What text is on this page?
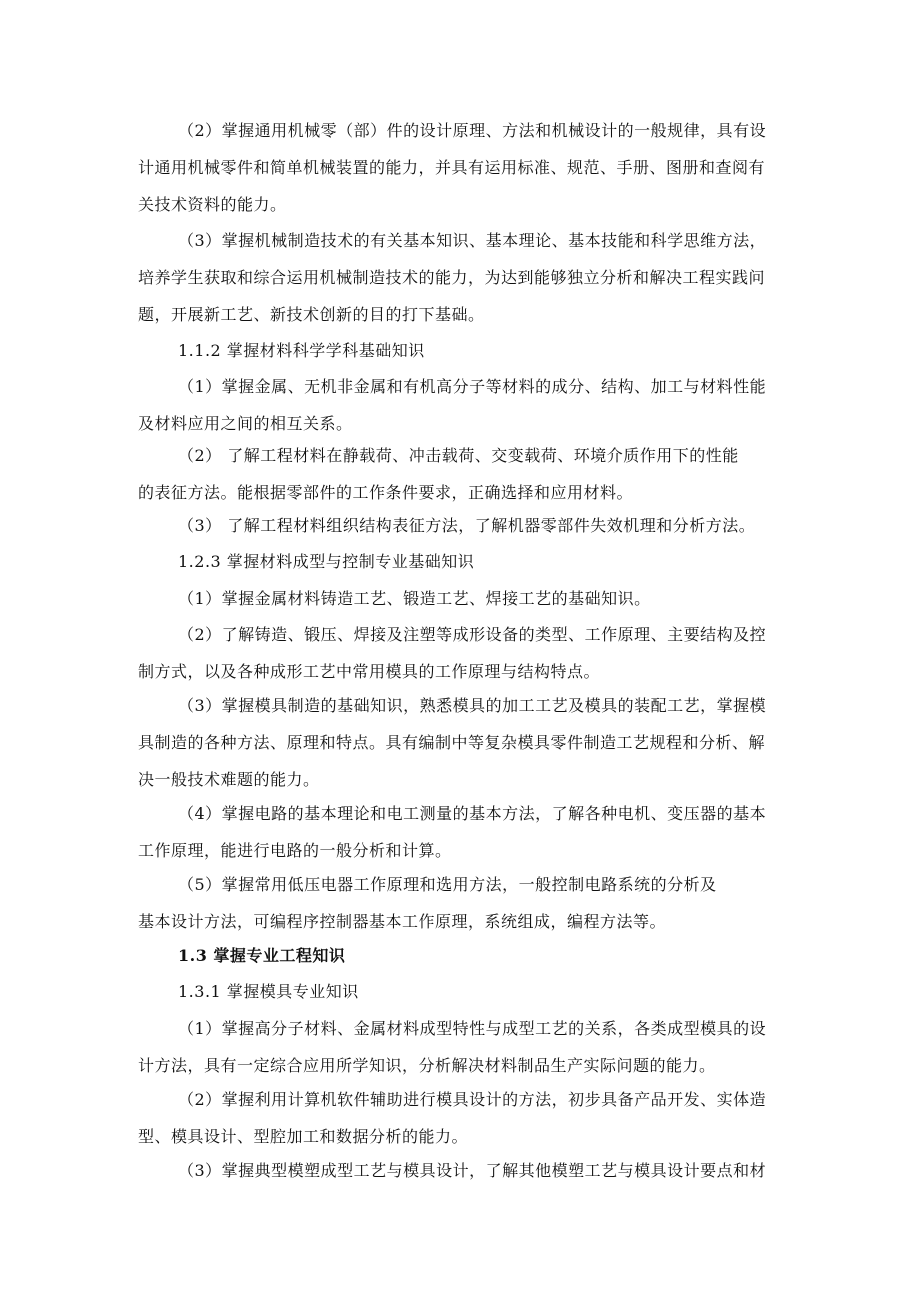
（2）掌握通用机械零（部）件的设计原理、方法和机械设计的一般规律，具有设
计通用机械零件和简单机械装置的能力，并具有运用标准、规范、手册、图册和查阅有
关技术资料的能力。
（3）掌握机械制造技术的有关基本知识、基本理论、基本技能和科学思维方法，
培养学生获取和综合运用机械制造技术的能力，为达到能够独立分析和解决工程实践问
题，开展新工艺、新技术创新的目的打下基础。
1.1.2 掌握材料科学学科基础知识
（1）掌握金属、无机非金属和有机高分子等材料的成分、结构、加工与材料性能
及材料应用之间的相互关系。
（2） 了解工程材料在静载荷、冲击载荷、交变载荷、环境介质作用下的性能
的表征方法。能根据零部件的工作条件要求，正确选择和应用材料。
（3） 了解工程材料组织结构表征方法，了解机器零部件失效机理和分析方法。
1.2.3 掌握材料成型与控制专业基础知识
（1）掌握金属材料铸造工艺、锻造工艺、焊接工艺的基础知识。
（2）了解铸造、锻压、焊接及注塑等成形设备的类型、工作原理、主要结构及控
制方式，以及各种成形工艺中常用模具的工作原理与结构特点。
（3）掌握模具制造的基础知识，熟悉模具的加工工艺及模具的装配工艺，掌握模
具制造的各种方法、原理和特点。具有编制中等复杂模具零件制造工艺规程和分析、解
决一般技术难题的能力。
（4）掌握电路的基本理论和电工测量的基本方法，了解各种电机、变压器的基本
工作原理，能进行电路的一般分析和计算。
（5）掌握常用低压电器工作原理和选用方法，一般控制电路系统的分析及
基本设计方法，可编程序控制器基本工作原理，系统组成，编程方法等。
1.3 掌握专业工程知识
1.3.1 掌握模具专业知识
（1）掌握高分子材料、金属材料成型特性与成型工艺的关系，各类成型模具的设
计方法，具有一定综合应用所学知识，分析解决材料制品生产实际问题的能力。
（2）掌握利用计算机软件辅助进行模具设计的方法，初步具备产品开发、实体造
型、模具设计、型腔加工和数据分析的能力。
（3）掌握典型模塑成型工艺与模具设计，了解其他模塑工艺与模具设计要点和材
